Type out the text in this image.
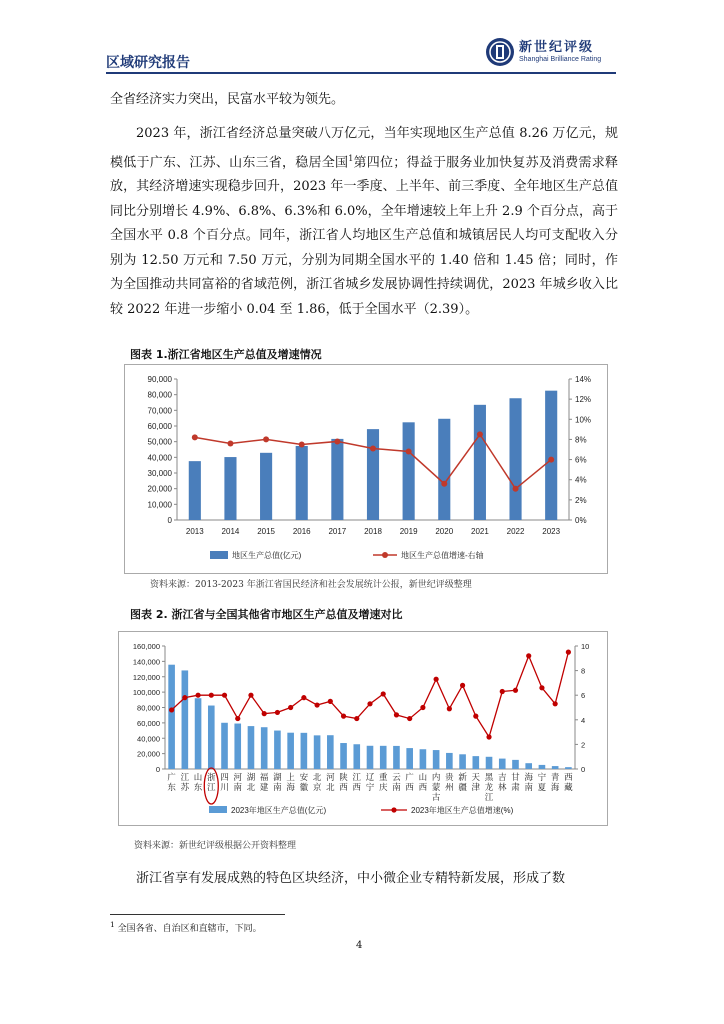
区域研究报告
新世纪评级
Shanghai Brilliance Rating
全省经济实力突出，民富水平较为领先。
2023 年，浙江省经济总量突破八万亿元，当年实现地区生产总值 8.26 万亿元，规模低于广东、江苏、山东三省，稳居全国$^1$第四位；得益于服务业加快复苏及消费需求释放，其经济增速实现稳步回升，2023 年一季度、上半年、前三季度、全年地区生产总值同比分别增长 4.9%、6.8%、6.3%和 6.0%，全年增速较上年上升 2.9 个百分点，高于全国水平 0.8 个百分点。同年，浙江省人均地区生产总值和城镇居民人均可支配收入分别为 12.50 万元和 7.50 万元，分别为同期全国水平的 1.40 倍和 1.45 倍；同时，作为全国推动共同富裕的省域范例，浙江省城乡发展协调性持续调优，2023 年城乡收入比较 2022 年进一步缩小 0.04 至 1.86，低于全国水平（2.39）。
图表 1.浙江省地区生产总值及增速情况
0
10,000
20,000
30,000
40,000
50,000
60,000
70,000
80,000
90,000
0%
2%
4%
6%
8%
10%
12%
14%
2013 2014 2015 2016 2017 2018 2019 2020 2021 2022 2023
地区生产总值(亿元)	地区生产总值增速-右轴
资料来源：2013-2023 年浙江省国民经济和社会发展统计公报，新世纪评级整理
图表 2. 浙江省与全国其他省市地区生产总值及增速对比
0
20,000
40,000
60,000
80,000
100,000
120,000
140,000
160,000
0
2
4
6
8
10
广
东
江
苏
山
东
浙
江
四
川
河
南
湖
北
福
建
湖
南
上
海
安
徽
北
京
河
北
陕
西
江
西
辽
宁
重
庆
云
南
广
西
山
西
内
蒙
古
贵
州
新
疆
天
津
黑
龙
江
吉
林
甘
肃
海
南
宁
夏
青
海
西
藏
2023年地区生产总值(亿元)	2023年地区生产总值增速(%)
资料来源：新世纪评级根据公开资料整理
浙江省享有发展成熟的特色区块经济，中小微企业专精特新发展，形成了数
$^1$ 全国各省、自治区和直辖市，下同。
4
